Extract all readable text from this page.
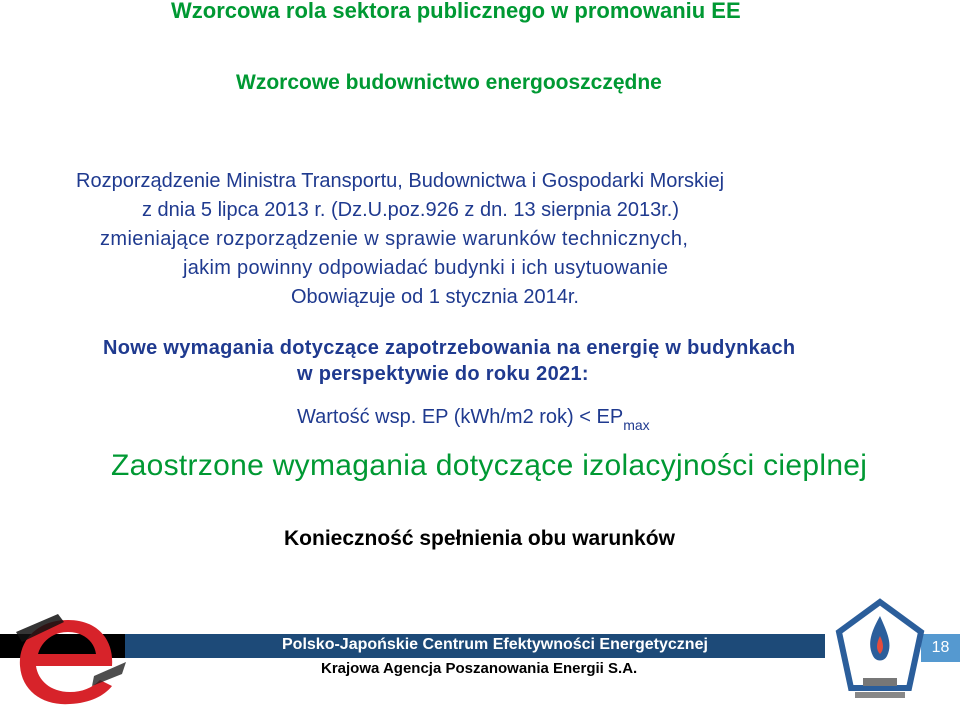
Wzorcowa rola sektora publicznego w promowaniu EE
Wzorcowe budownictwo energooszczędne
Rozporządzenie Ministra Transportu, Budownictwa i Gospodarki Morskiej
z dnia 5 lipca 2013 r. (Dz.U.poz.926 z dn. 13 sierpnia 2013r.)
zmieniające rozporządzenie w sprawie warunków technicznych,
jakim powinny odpowiadać budynki i ich usytuowanie
Obowiązuje od 1 stycznia 2014r.
Nowe wymagania dotyczące zapotrzebowania na energię w budynkach
w perspektywie do roku 2021:
Wartość wsp. EP (kWh/m2 $rok) < EP_{max}$
Zaostrzone wymagania dotyczące izolacyjności cieplnej
Konieczność spełnienia obu warunków
Polsko-Japońskie Centrum Efektywności Energetycznej
Krajowa Agencja Poszanowania Energii S.A.
18
